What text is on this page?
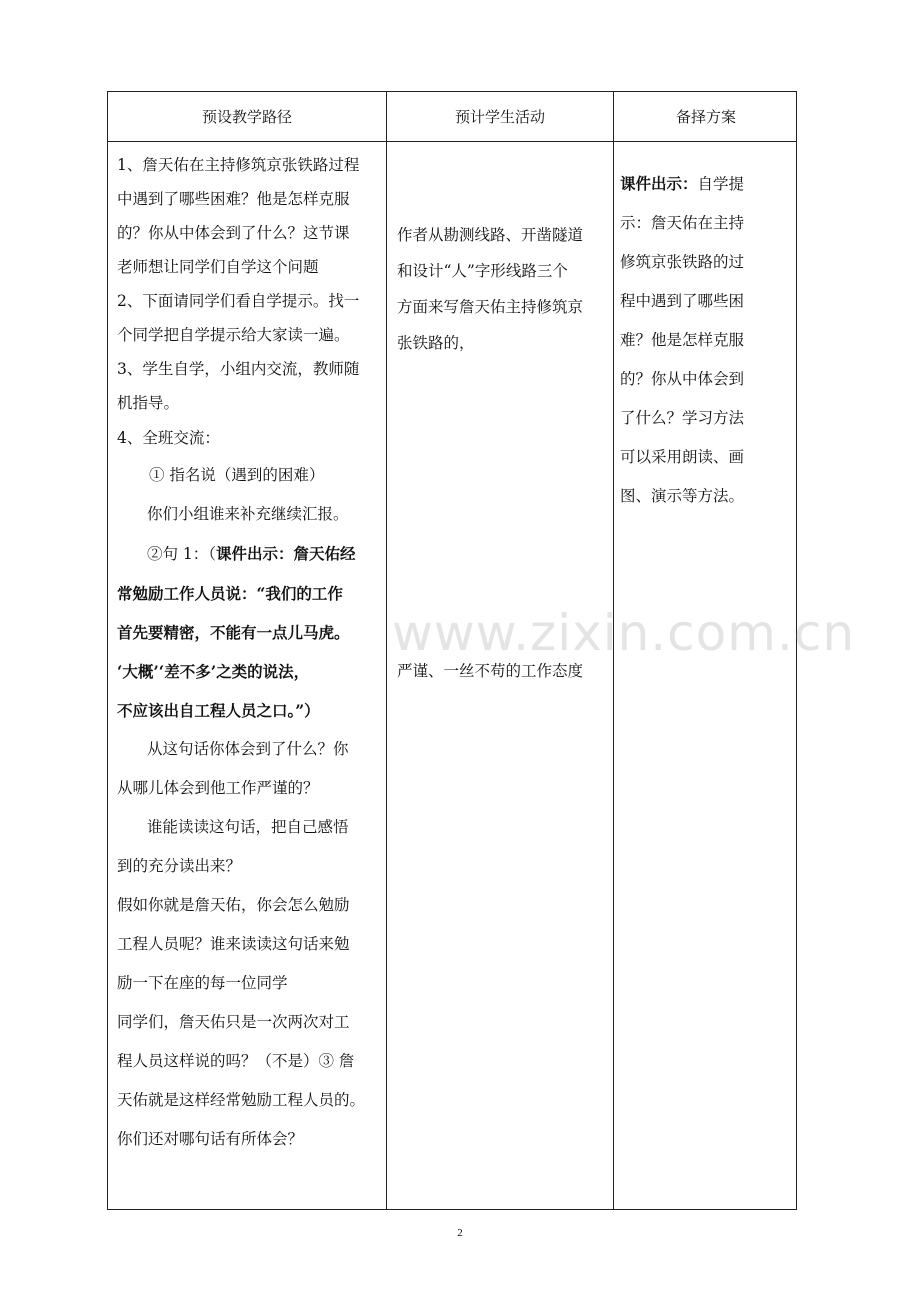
预设教学路径	预计学生活动	备择方案
1、詹天佑在主持修筑京张铁路过程
中遇到了哪些困难？他是怎样克服
的？你从中体会到了什么？这节课
老师想让同学们自学这个问题
2、下面请同学们看自学提示。找一
个同学把自学提示给大家读一遍。
3、学生自学，小组内交流，教师随
机指导。
4、全班交流：
① 指名说（遇到的困难）
你们小组谁来补充继续汇报。
②句 1：（课件出示：詹天佑经
常勉励工作人员说：“我们的工作
首先要精密，不能有一点儿马虎。
‘大概’‘差不多’之类的说法，
不应该出自工程人员之口。”）
从这句话你体会到了什么？你
从哪儿体会到他工作严谨的？
谁能读读这句话，把自己感悟
到的充分读出来？
假如你就是詹天佑，你会怎么勉励
工程人员呢？谁来读读这句话来勉
励一下在座的每一位同学
同学们，詹天佑只是一次两次对工
程人员这样说的吗？（不是）③ 詹
天佑就是这样经常勉励工程人员的。
你们还对哪句话有所体会？
作者从勘测线路、开凿隧道
和设计“人”字形线路三个
方面来写詹天佑主持修筑京
张铁路的，
严谨、一丝不苟的工作态度
课件出示：自学提
示：詹天佑在主持
修筑京张铁路的过
程中遇到了哪些困
难？他是怎样克服
的？你从中体会到
了什么？学习方法
可以采用朗读、画
图、演示等方法。
www.zixin.com.cn
2
